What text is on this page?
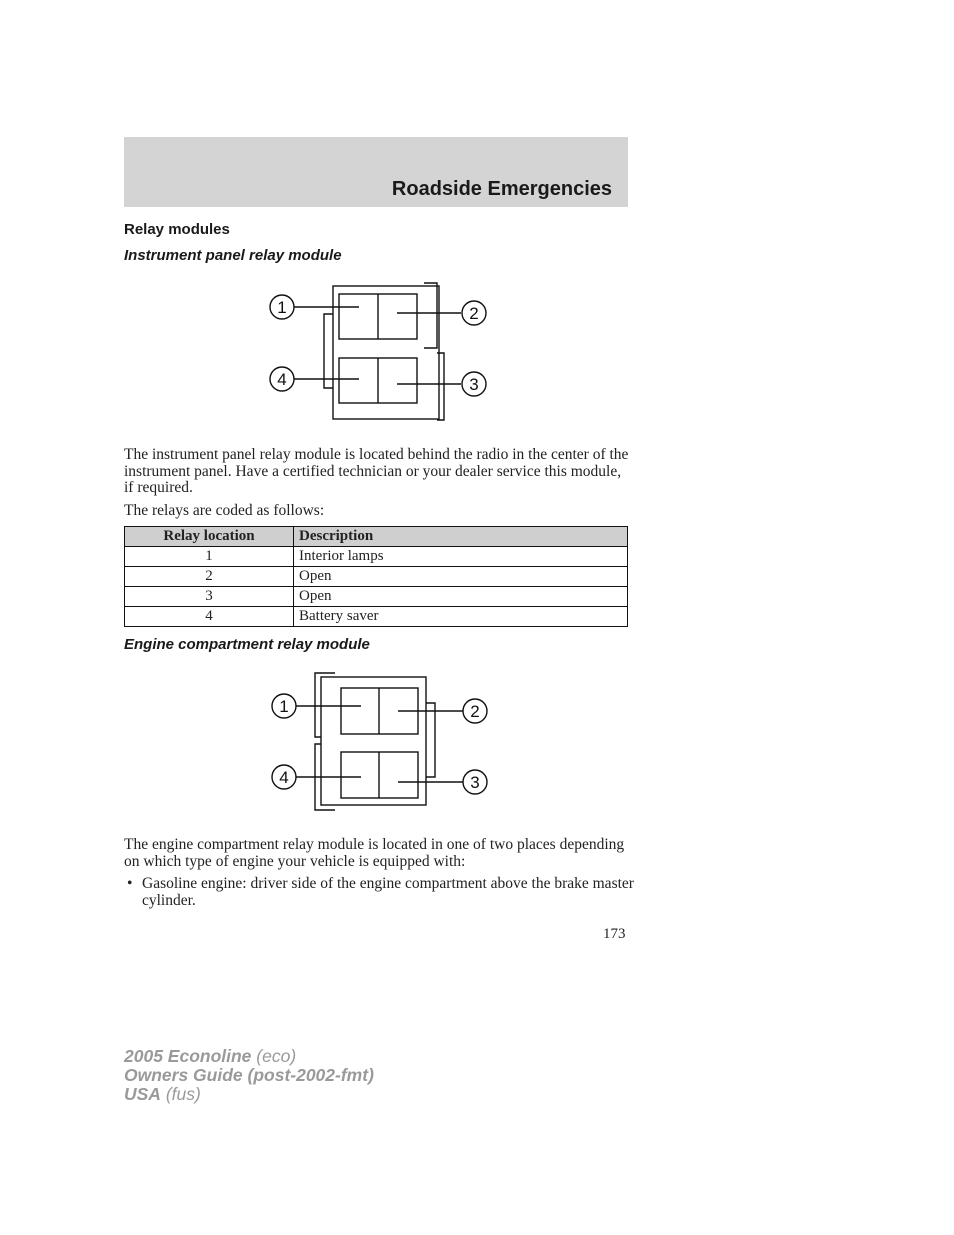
Roadside Emergencies
Relay modules
Instrument panel relay module
1	2
3
4
The instrument panel relay module is located behind the radio in the center of the instrument panel. Have a certified technician or your dealer service this module, if required.
The relays are coded as follows:
Relay location	Description
1	Interior lamps
2	Open
3	Open
4	Battery saver
Engine compartment relay module
1	2
3
4
The engine compartment relay module is located in one of two places depending on which type of engine your vehicle is equipped with:
• Gasoline engine: driver side of the engine compartment above the brake master cylinder.
173
2005 Econoline (eco)
Owners Guide (post-2002-fmt)
USA (fus)
